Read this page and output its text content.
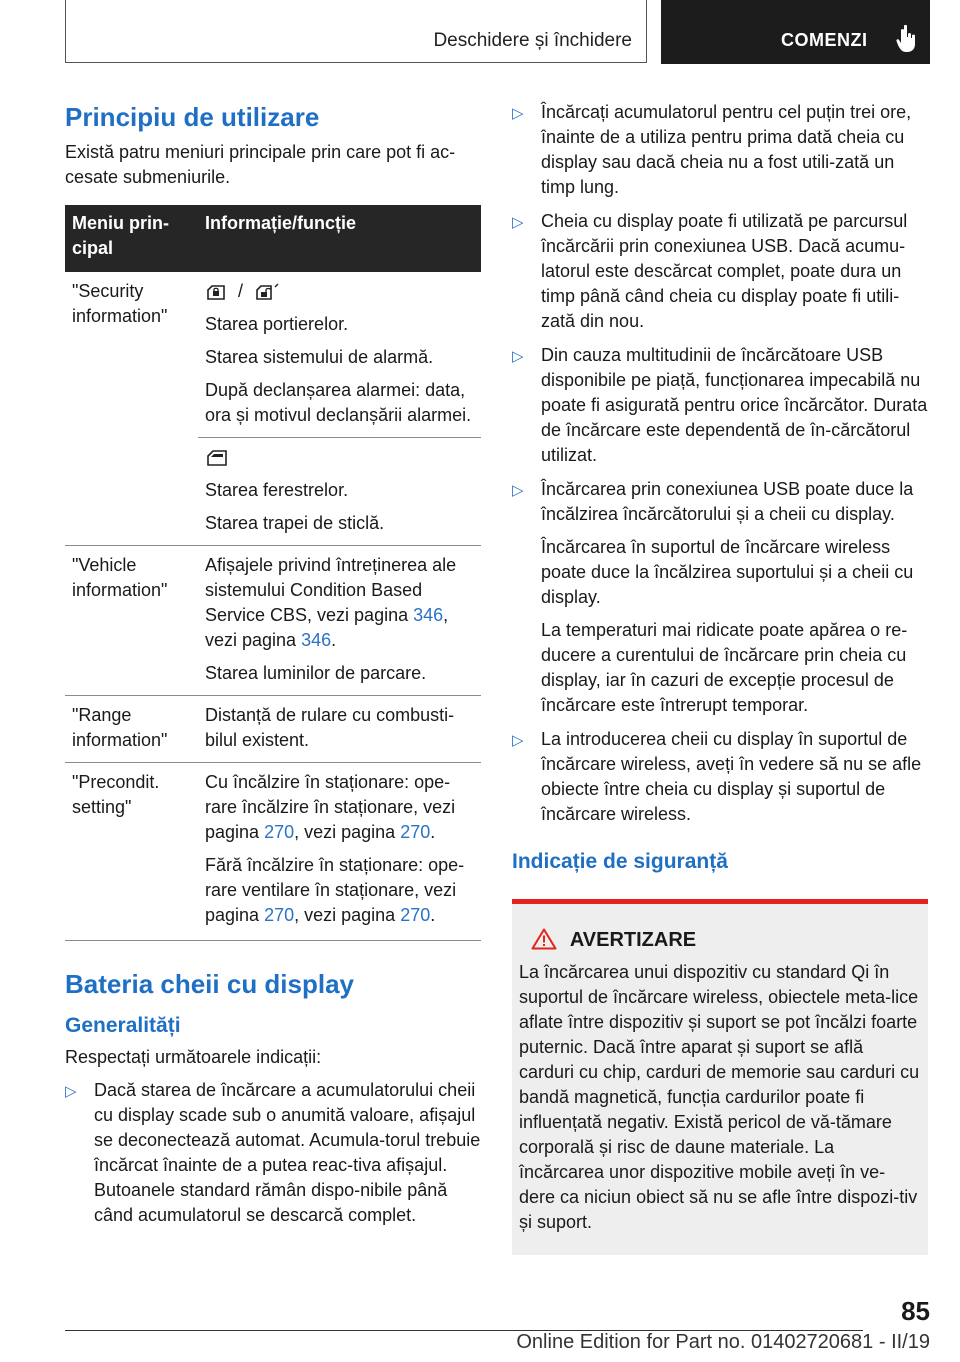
Deschidere și închidere	COMENZI
Principiu de utilizare

Există patru meniuri principale prin care pot fi ac-cesate submeniurile.

Meniu prin-cipal	Informație/funcție

"Security information"	/

Starea portierelor.

Starea sistemului de alarmă.

După declanșarea alarmei: data, ora și motivul declanșării alarmei.

	Starea ferestrelor.

Starea trapei de sticlă.

"Vehicle information"	Afișajele privind întreținerea ale sistemului Condition Based Service CBS, vezi pagina 346, vezi pagina 346.

Starea luminilor de parcare.

"Range information"	Distanță de rulare cu combusti-bilul existent.

"Precondit. setting"	Cu încălzire în staționare: ope-rare încălzire în staționare, vezi pagina 270, vezi pagina 270.

Fără încălzire în staționare: ope-rare ventilare în staționare, vezi pagina 270, vezi pagina 270.

Bateria cheii cu display
Generalități

Respectați următoarele indicații:

▷ Dacă starea de încărcare a acumulatorului cheii cu display scade sub o anumită valoare, afișajul se deconectează automat. Acumula-torul trebuie încărcat înainte de a putea reac-tiva afișajul. Butoanele standard rămân dispo-nibile până când acumulatorul se descarcă complet.

▷ Încărcați acumulatorul pentru cel puțin trei ore, înainte de a utiliza pentru prima dată cheia cu display sau dacă cheia nu a fost utili-zată un timp lung.

▷ Cheia cu display poate fi utilizată pe parcursul încărcării prin conexiunea USB. Dacă acumu-latorul este descărcat complet, poate dura un timp până când cheia cu display poate fi utili-zată din nou.

▷ Din cauza multitudinii de încărcătoare USB disponibile pe piață, funcționarea impecabilă nu poate fi asigurată pentru orice încărcător. Durata de încărcare este dependentă de în-cărcătorul utilizat.

▷ Încărcarea prin conexiunea USB poate duce la încălzirea încărcătorului și a cheii cu display.

Încărcarea în suportul de încărcare wireless poate duce la încălzirea suportului și a cheii cu display.

La temperaturi mai ridicate poate apărea o re-ducere a curentului de încărcare prin cheia cu display, iar în cazuri de excepție procesul de încărcare este întrerupt temporar.

▷ La introducerea cheii cu display în suportul de încărcare wireless, aveți în vedere să nu se afle obiecte între cheia cu display și suportul de încărcare wireless.

Indicație de siguranță
AVERTIZARE

La încărcarea unui dispozitiv cu standard Qi în suportul de încărcare wireless, obiectele meta-lice aflate între dispozitiv și suport se pot încălzi foarte puternic. Dacă între aparat și suport se află carduri cu chip, carduri de memorie sau carduri cu bandă magnetică, funcția cardurilor poate fi influențată negativ. Există pericol de vă-tămare corporală și risc de daune materiale. La încărcarea unor dispozitive mobile aveți în ve-dere ca niciun obiect să nu se afle între dispozi-tiv și suport.

85
Online Edition for Part no. 01402720681 - II/19
